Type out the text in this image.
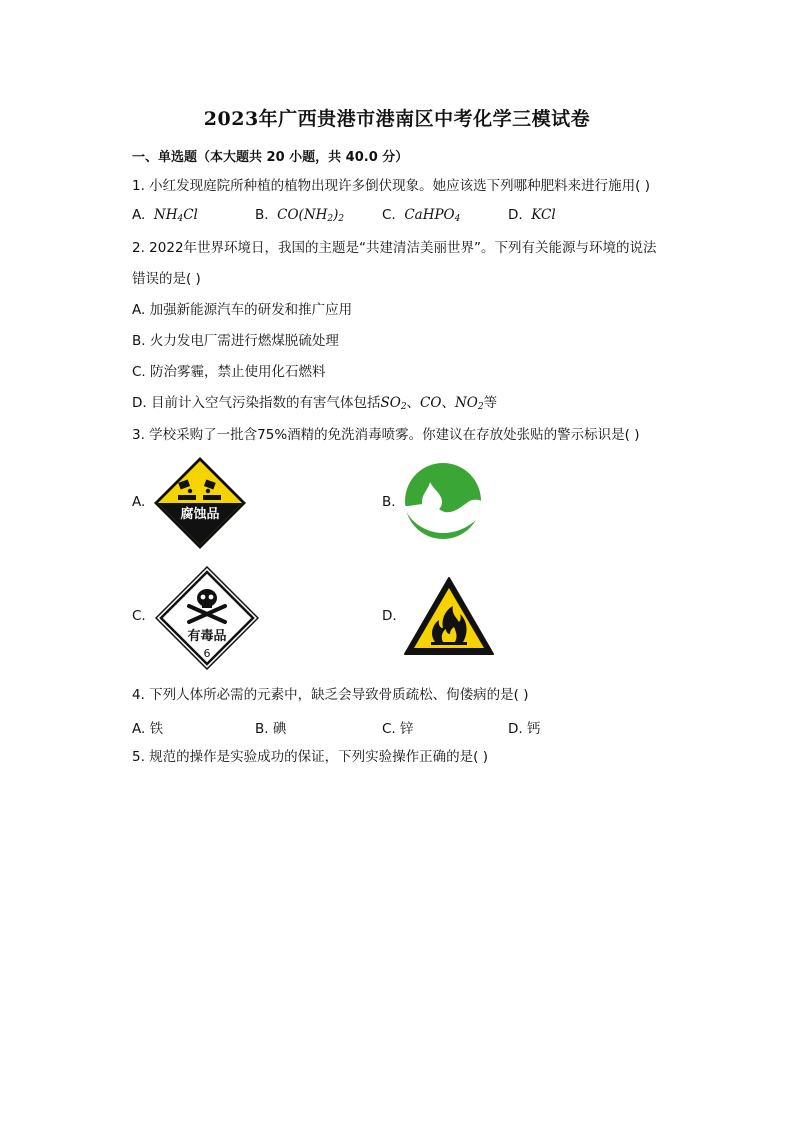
2023年广西贵港市港南区中考化学三模试卷
一、单选题（本大题共 20 小题，共 40.0 分）
1. 小红发现庭院所种植的植物出现许多倒伏现象。她应该选下列哪种肥料来进行施用( )
A. $NH_4Cl$	B. $CO(NH_2)_2$	C. CaHPO$_4$	D. KCl
2. 2022年世界环境日，我国的主题是“共建清洁美丽世界”。下列有关能源与环境的说法
错误的是( )
A. 加强新能源汽车的研发和推广应用
B. 火力发电厂需进行燃煤脱硫处理
C. 防治雾霾，禁止使用化石燃料
D. 目前计入空气污染指数的有害气体包括$SO_2$、CO、$NO_2$等
3. 学校采购了一批含75%酒精的免洗消毒喷雾。你建议在存放处张贴的警示标识是( )
A.
腐蚀品
B.
C.
有毒品
6
D.
4. 下列人体所必需的元素中，缺乏会导致骨质疏松、佝偻病的是( )
A. 铁	B. 碘	C. 锌	D. 钙
5. 规范的操作是实验成功的保证，下列实验操作正确的是( )
